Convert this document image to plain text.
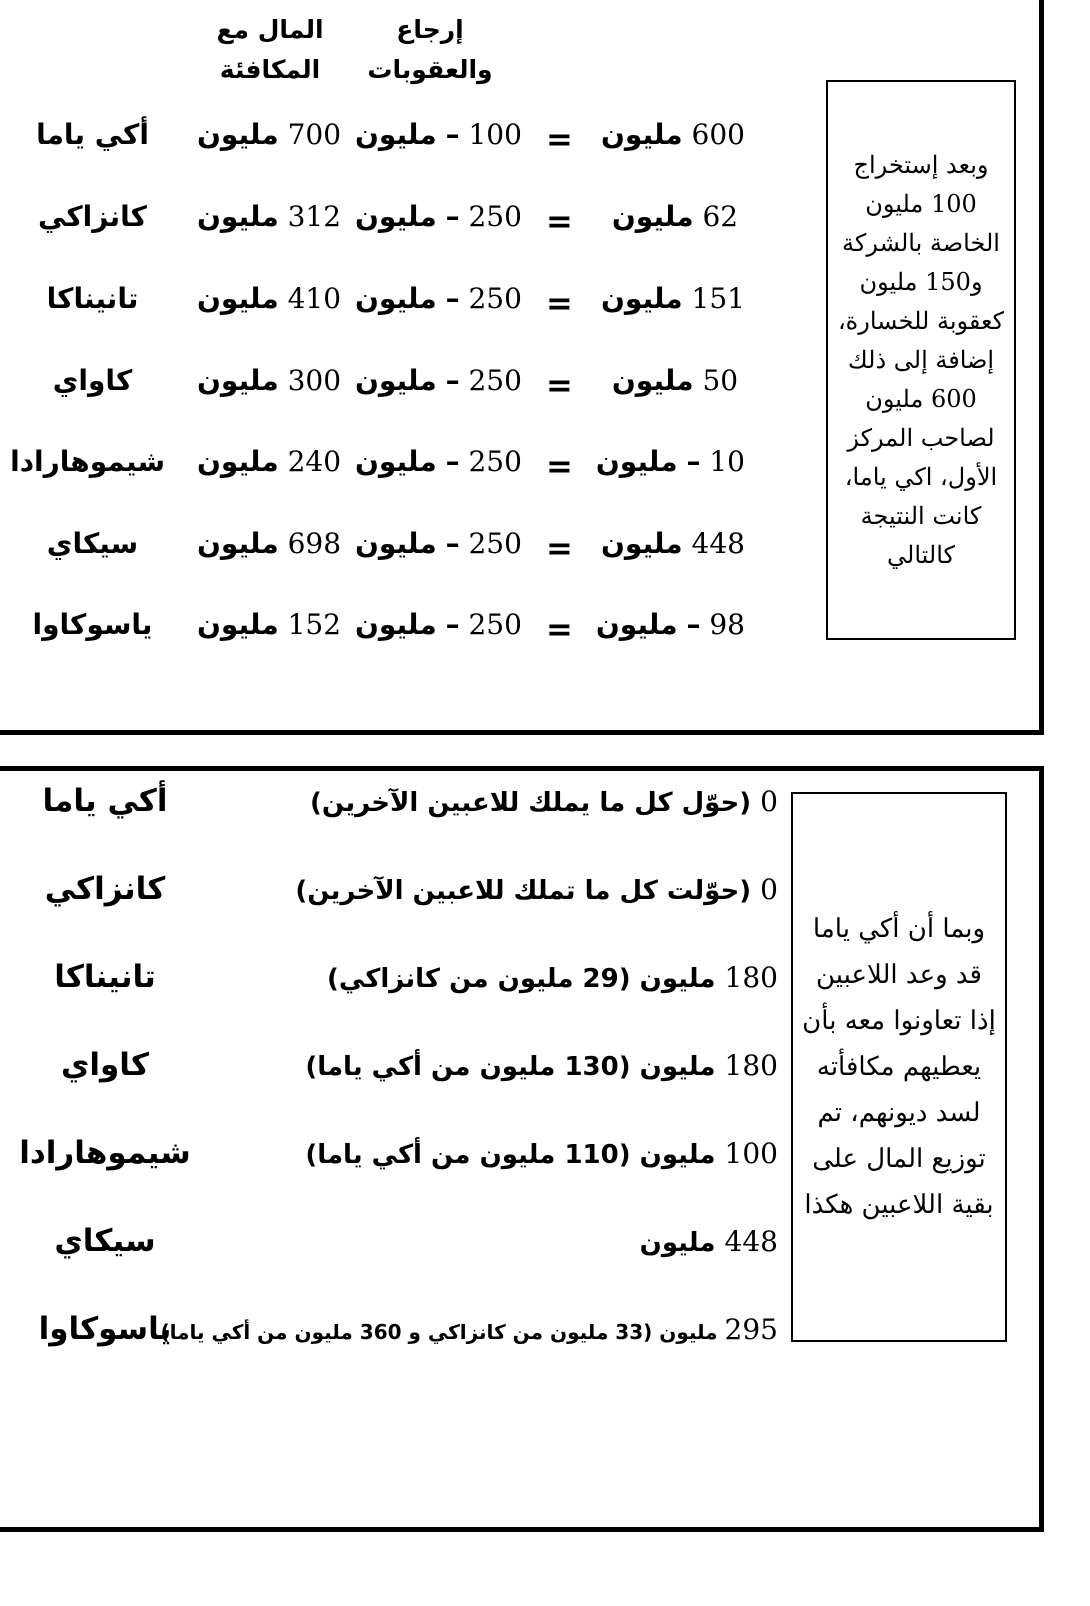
المال مع المكافئة
إرجاع والعقوبات
أكي ياما	700 مليون	100 – مليون	=	600 مليون
كانزاكي	312 مليون	250 – مليون	=	62 مليون
تانيناكا	410 مليون	250 – مليون	=	151 مليون
كاواي	300 مليون	250 – مليون	=	50 مليون
شيموهارادا	240 مليون	250 – مليون	=	10 – مليون
سيكاي	698 مليون	250 – مليون	=	448 مليون
ياسوكاوا	152 مليون	250 – مليون	=	98 – مليون
وبعد إستخراج 100 مليون الخاصة بالشركة و150 مليون كعقوبة للخسارة، إضافة إلى ذلك 600 مليون لصاحب المركز الأول، اكي ياما، كانت النتيجة كالتالي
أكي ياما	0 (حوّل كل ما يملك للاعبين الآخرين)
كانزاكي	0 (حوّلت كل ما تملك للاعبين الآخرين)
تانيناكا	180 مليون (29 مليون من كانزاكي)
كاواي	180 مليون (130 مليون من أكي ياما)
شيموهارادا	100 مليون (110 مليون من أكي ياما)
سيكاي	448 مليون
ياسوكاوا	295 مليون (33 مليون من كانزاكي و 360 مليون من أكي ياما)
وبما أن أكي ياما قد وعد اللاعبين إذا تعاونوا معه بأن يعطيهم مكافأته لسد ديونهم، تم توزيع المال على بقية اللاعبين هكذا
